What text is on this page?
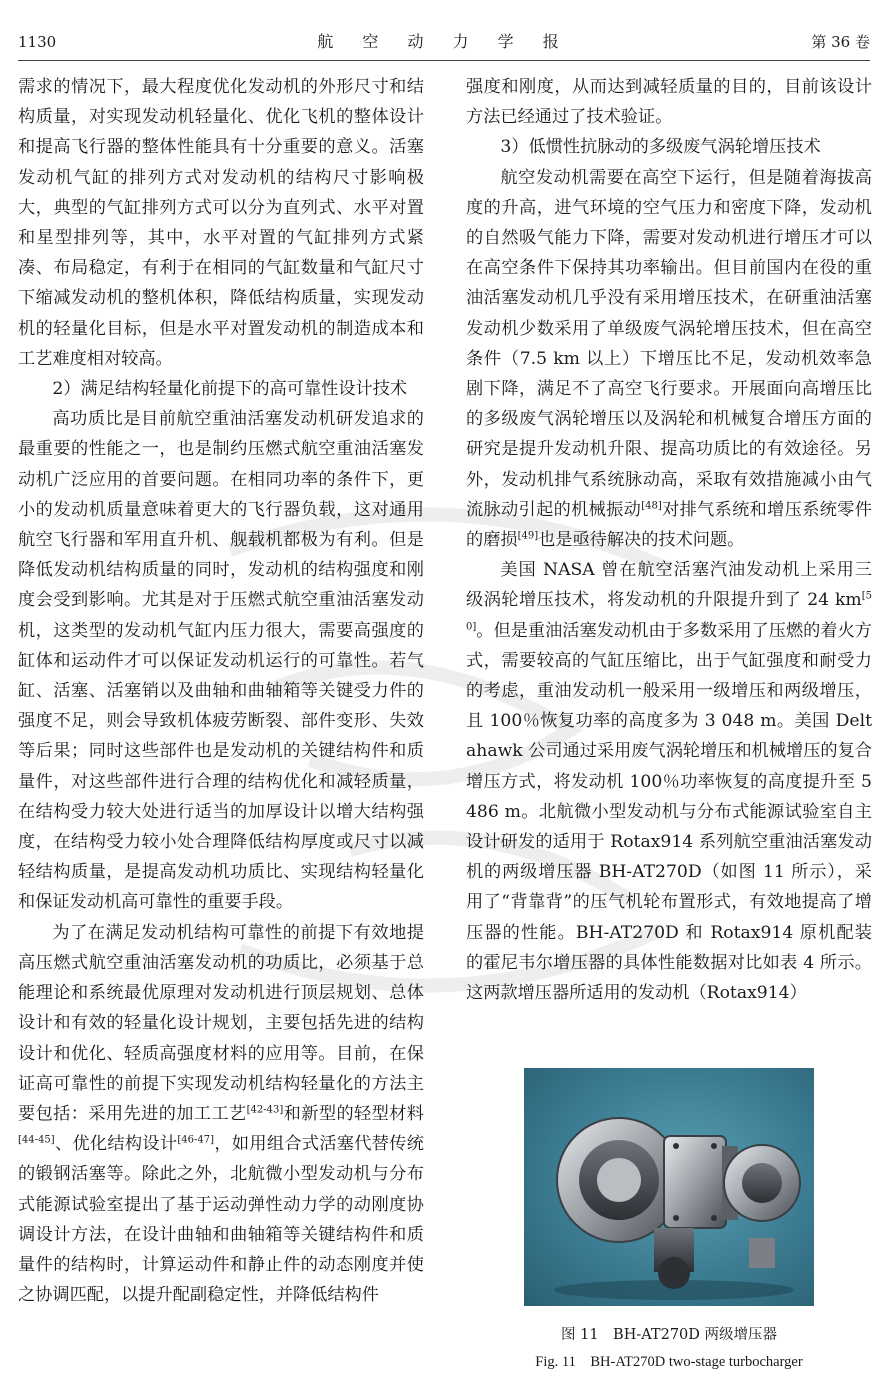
1130	航 空 动 力 学 报	第 36 卷

需求的情况下，最大程度优化发动机的外形尺寸和结构质量，对实现发动机轻量化、优化飞机的整体设计和提高飞行器的整体性能具有十分重要的意义。活塞发动机气缸的排列方式对发动机的结构尺寸影响极大，典型的气缸排列方式可以分为直列式、水平对置和星型排列等，其中，水平对置的气缸排列方式紧凑、布局稳定，有利于在相同的气缸数量和气缸尺寸下缩减发动机的整机体积，降低结构质量，实现发动机的轻量化目标，但是水平对置发动机的制造成本和工艺难度相对较高。

2）满足结构轻量化前提下的高可靠性设计技术

高功质比是目前航空重油活塞发动机研发追求的最重要的性能之一，也是制约压燃式航空重油活塞发动机广泛应用的首要问题。在相同功率的条件下，更小的发动机质量意味着更大的飞行器负载，这对通用航空飞行器和军用直升机、舰载机都极为有利。但是降低发动机结构质量的同时，发动机的结构强度和刚度会受到影响。尤其是对于压燃式航空重油活塞发动机，这类型的发动机气缸内压力很大，需要高强度的缸体和运动件才可以保证发动机运行的可靠性。若气缸、活塞、活塞销以及曲轴和曲轴箱等关键受力件的强度不足，则会导致机体疲劳断裂、部件变形、失效等后果；同时这些部件也是发动机的关键结构件和质量件，对这些部件进行合理的结构优化和减轻质量，在结构受力较大处进行适当的加厚设计以增大结构强度，在结构受力较小处合理降低结构厚度或尺寸以减轻结构质量，是提高发动机功质比、实现结构轻量化和保证发动机高可靠性的重要手段。

为了在满足发动机结构可靠性的前提下有效地提高压燃式航空重油活塞发动机的功质比，必须基于总能理论和系统最优原理对发动机进行顶层规划、总体设计和有效的轻量化设计规划，主要包括先进的结构设计和优化、轻质高强度材料的应用等。目前，在保证高可靠性的前提下实现发动机结构轻量化的方法主要包括：采用先进的加工工艺[42-43]和新型的轻型材料[44-45]、优化结构设计[46-47]，如用组合式活塞代替传统的锻钢活塞等。除此之外，北航微小型发动机与分布式能源试验室提出了基于运动弹性动力学的动刚度协调设计方法，在设计曲轴和曲轴箱等关键结构件和质量件的结构时，计算运动件和静止件的动态刚度并使之协调匹配，以提升配副稳定性，并降低结构件

强度和刚度，从而达到减轻质量的目的，目前该设计方法已经通过了技术验证。

3）低惯性抗脉动的多级废气涡轮增压技术

航空发动机需要在高空下运行，但是随着海拔高度的升高，进气环境的空气压力和密度下降，发动机的自然吸气能力下降，需要对发动机进行增压才可以在高空条件下保持其功率输出。但目前国内在役的重油活塞发动机几乎没有采用增压技术，在研重油活塞发动机少数采用了单级废气涡轮增压技术，但在高空条件（7.5 km 以上）下增压比不足，发动机效率急剧下降，满足不了高空飞行要求。开展面向高增压比的多级废气涡轮增压以及涡轮和机械复合增压方面的研究是提升发动机升限、提高功质比的有效途径。另外，发动机排气系统脉动高，采取有效措施减小由气流脉动引起的机械振动[48]对排气系统和增压系统零件的磨损[49]也是亟待解决的技术问题。

美国 NASA 曾在航空活塞汽油发动机上采用三级涡轮增压技术，将发动机的升限提升到了 24 km[50]。但是重油活塞发动机由于多数采用了压燃的着火方式，需要较高的气缸压缩比，出于气缸强度和耐受力的考虑，重油发动机一般采用一级增压和两级增压，且 100％恢复功率的高度多为 3 048 m。美国 Deltahawk 公司通过采用废气涡轮增压和机械增压的复合增压方式，将发动机 100％功率恢复的高度提升至 5 486 m。北航微小型发动机与分布式能源试验室自主设计研发的适用于 Rotax914 系列航空重油活塞发动机的两级增压器 BH-AT270D（如图 11 所示），采用了“背靠背”的压气机轮布置形式，有效地提高了增压器的性能。BH-AT270D 和 Rotax914 原机配装的霍尼韦尔增压器的具体性能数据对比如表 4 所示。这两款增压器所适用的发动机（Rotax914）

图 11　BH-AT270D 两级增压器
Fig. 11　BH-AT270D two-stage turbocharger
